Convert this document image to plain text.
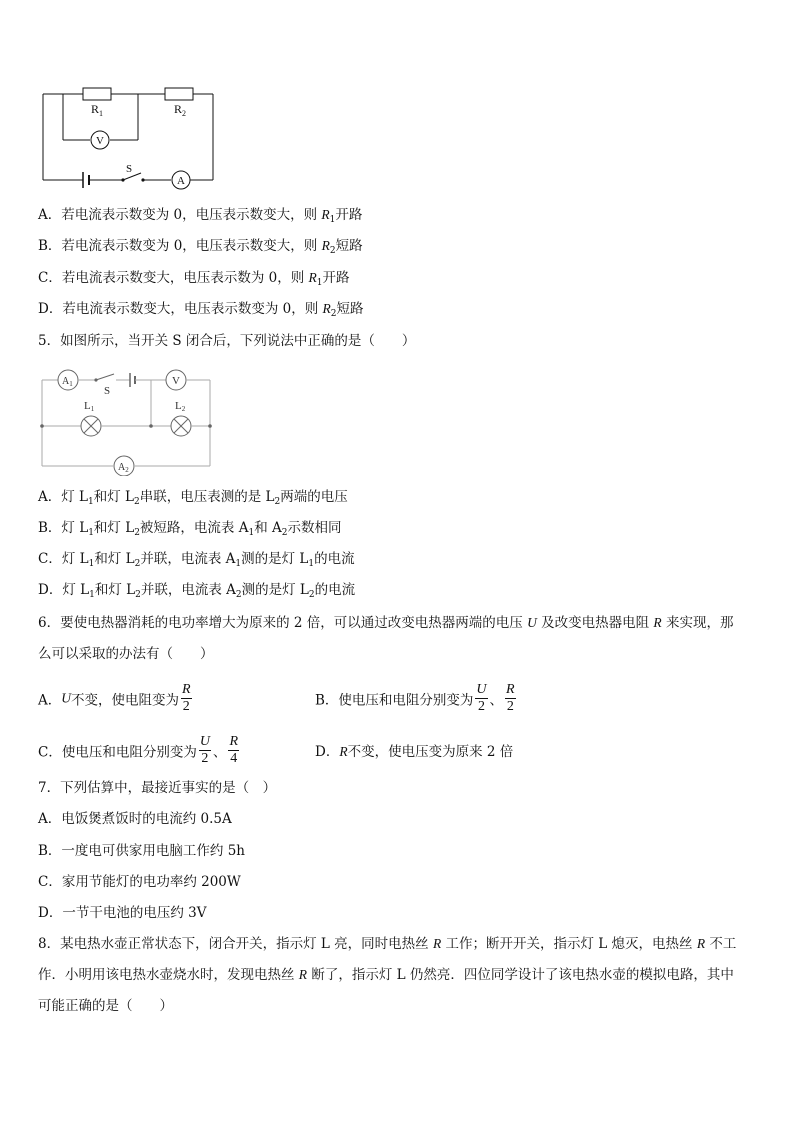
$R_1$	$R_2$
V
S
A
A．若电流表示数变为 0，电压表示数变大，则 $R_1$开路
B．若电流表示数变为 0，电压表示数变大，则 $R_2$短路
C．若电流表示数变大，电压表示数为 0，则 $R_1$开路
D．若电流表示数变大，电压表示数变为 0，则 $R_2$短路
5．如图所示，当开关 S 闭合后，下列说法中正确的是（　　）
$A_1$
S
V
L1	L2
$A_2$
A．灯 $L_1$和灯 $L_2$串联，电压表测的是 $L_2$两端的电压
B．灯 $L_1$和灯 $L_2$被短路，电流表 $A_1$和 $A_2$示数相同
C．灯 $L_1$和灯 $L_2$并联，电流表 $A_1$测的是灯 $L_1$的电流
D．灯 $L_1$和灯 $L_2$并联，电流表 $A_2$测的是灯 $L_2$的电流
6．要使电热器消耗的电功率增大为原来的 2 倍，可以通过改变电热器两端的电压 U 及改变电热器电阻 R 来实现，那
么可以采取的办法有（　　）
A．U不变，使电阻变为 $\frac{R}{2}$	B．使电压和电阻分别变为 $\frac{U}{2}$ 、 $\frac{R}{2}$
C．使电压和电阻分别变为 $\frac{U}{2}$ 、 $\frac{R}{4}$	D．R不变，使电压变为原来 2 倍
7．下列估算中，最接近事实的是（　）
A．电饭煲煮饭时的电流约 0.5A
B．一度电可供家用电脑工作约 5h
C．家用节能灯的电功率约 200W
D．一节干电池的电压约 3V
8．某电热水壶正常状态下，闭合开关，指示灯 L 亮，同时电热丝 R 工作；断开开关，指示灯 L 熄灭，电热丝 R 不工
作．小明用该电热水壶烧水时，发现电热丝 R 断了，指示灯 L 仍然亮．四位同学设计了该电热水壶的模拟电路，其中
可能正确的是（　　）
